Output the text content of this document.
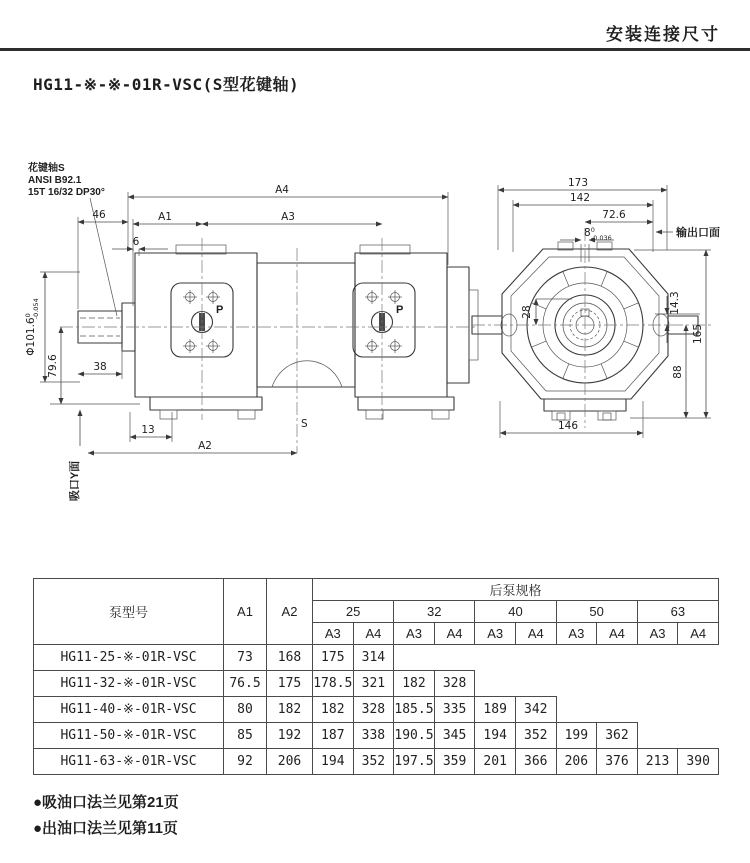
安装连接尺寸
HG11-※-※-01R-VSC(S型花键轴)
P	P
S
花键轴S
ANSI B92.1
15T 16/32 DP30°	A4
A1	A3
46
6
Φ101.6$^0$-0.054
79.6	38
13
A2
吸口Y面
173
142
72.6
$8^0$ -0.036	输出口面
28	14.3
165
88
146
泵型号	A1	A2	后泵规格									
			25		32		40		50		63	
			A3	A4	A3	A4	A3	A4	A3	A4	A3	A4
HG11-25-※-01R-VSC	73	168	175	314								
HG11-32-※-01R-VSC	76.5	175	178.5	321	182	328						
HG11-40-※-01R-VSC	80	182	182	328	185.5	335	189	342				
HG11-50-※-01R-VSC	85	192	187	338	190.5	345	194	352	199	362		
HG11-63-※-01R-VSC	92	206	194	352	197.5	359	201	366	206	376	213	390
●吸油口法兰见第21页
●出油口法兰见第11页
